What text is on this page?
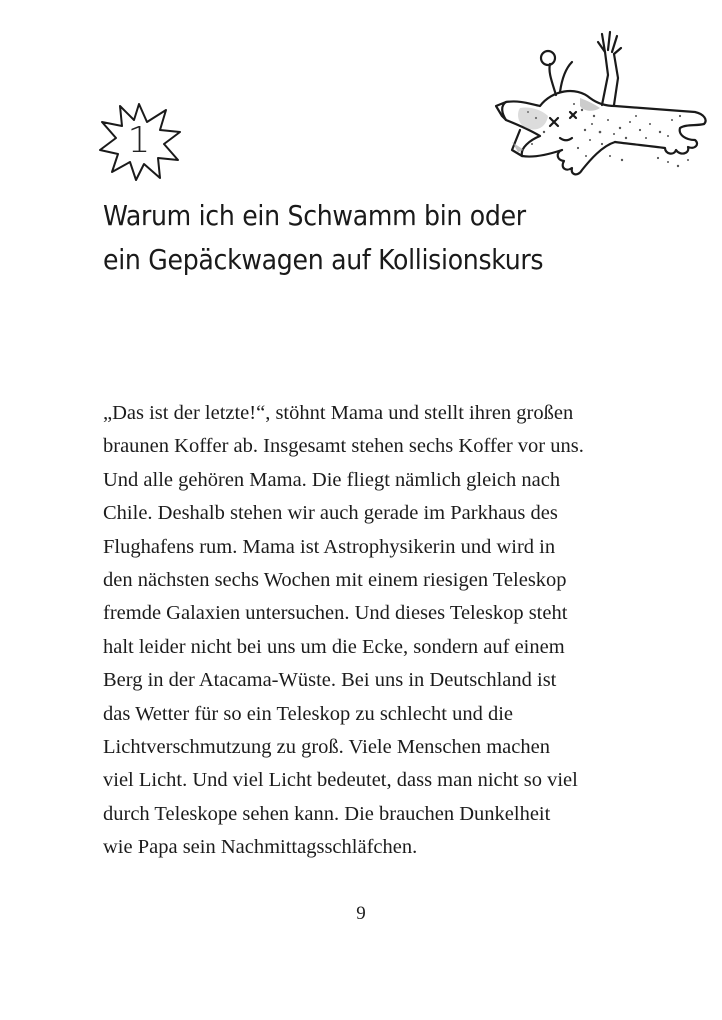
1
Warum ich ein Schwamm bin oder
ein Gepäckwagen auf Kollisionskurs
„Das ist der letzte!“, stöhnt Mama und stellt ihren großen
braunen Koffer ab. Insgesamt stehen sechs Koffer vor uns.
Und alle gehören Mama. Die fliegt nämlich gleich nach
Chile. Deshalb stehen wir auch gerade im Parkhaus des
Flughafens rum. Mama ist Astrophysikerin und wird in
den nächsten sechs Wochen mit einem riesigen Teleskop
fremde Galaxien untersuchen. Und dieses Teleskop steht
halt leider nicht bei uns um die Ecke, sondern auf einem
Berg in der Atacama-Wüste. Bei uns in Deutschland ist
das Wetter für so ein Teleskop zu schlecht und die
Lichtverschmutzung zu groß. Viele Menschen machen
viel Licht. Und viel Licht bedeutet, dass man nicht so viel
durch Teleskope sehen kann. Die brauchen Dunkelheit
wie Papa sein Nachmittagsschläfchen.
9
